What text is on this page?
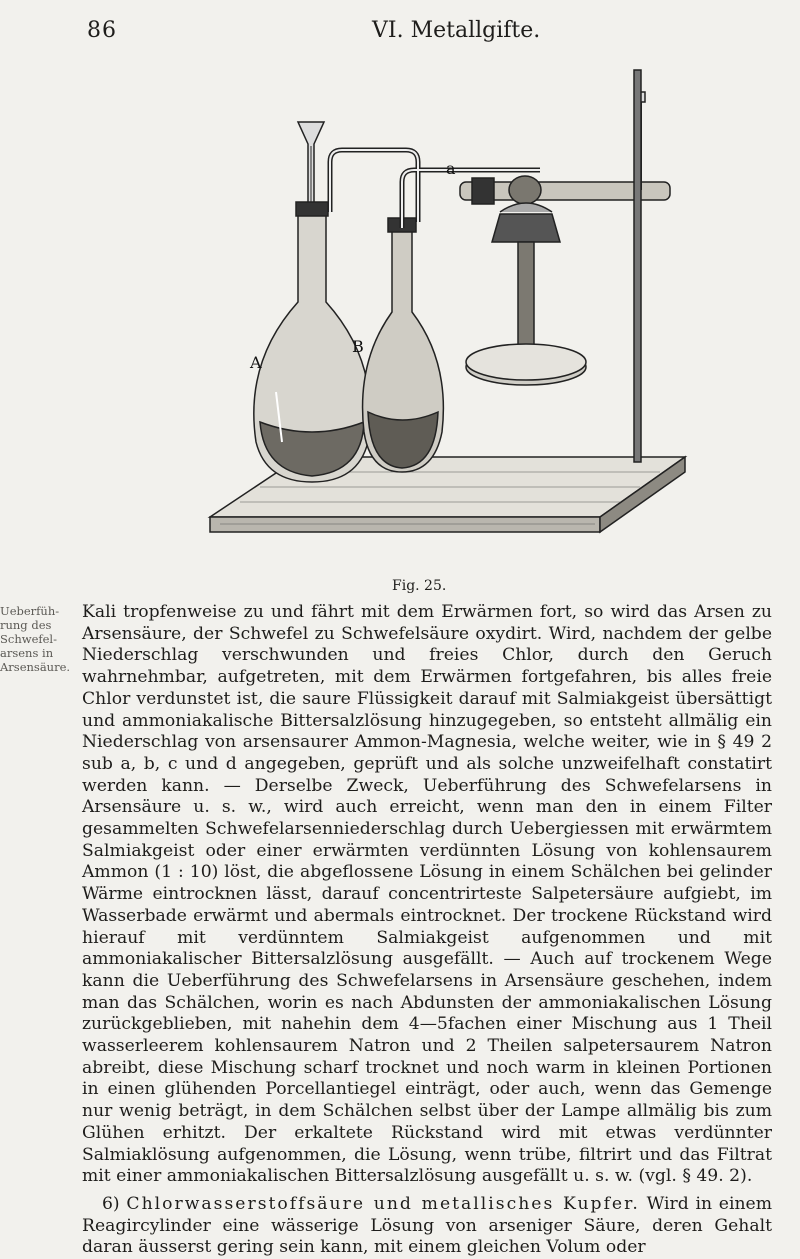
86	VI. Metallgifte.
a
A
B
Fig. 25.
Ueberfüh-
rung des
Schwefel-
arsens in
Arsensäure.

Kali tropfenweise zu und fährt mit dem Erwärmen fort, so wird das Arsen zu Arsensäure, der Schwefel zu Schwefelsäure oxydirt. Wird, nachdem der gelbe Niederschlag verschwunden und freies Chlor, durch den Geruch wahrnehmbar, aufgetreten, mit dem Erwärmen fortgefahren, bis alles freie Chlor verdunstet ist, die saure Flüssigkeit darauf mit Salmiakgeist übersättigt und ammoniakalische Bittersalzlösung hinzugegeben, so entsteht allmälig ein Niederschlag von arsensaurer Ammon-Magnesia, welche weiter, wie in § 49 2 sub a, b, c und d angegeben, geprüft und als solche unzweifelhaft constatirt werden kann. — Derselbe Zweck, Ueberführung des Schwefelarsens in Arsensäure u. s. w., wird auch erreicht, wenn man den in einem Filter gesammelten Schwefelarsenniederschlag durch Uebergiessen mit erwärmtem Salmiakgeist oder einer erwärmten verdünnten Lösung von kohlensaurem Ammon (1 : 10) löst, die abgeflossene Lösung in einem Schälchen bei gelinder Wärme eintrocknen lässt, darauf concentrirteste Salpetersäure aufgiebt, im Wasserbade erwärmt und abermals eintrocknet. Der trockene Rückstand wird hierauf mit verdünntem Salmiakgeist aufgenommen und mit ammoniakalischer Bittersalzlösung ausgefällt. — Auch auf trockenem Wege kann die Ueberführung des Schwefelarsens in Arsensäure geschehen, indem man das Schälchen, worin es nach Abdunsten der ammoniakalischen Lösung zurückgeblieben, mit nahehin dem 4—5fachen einer Mischung aus 1 Theil wasserleerem kohlensaurem Natron und 2 Theilen salpetersaurem Natron abreibt, diese Mischung scharf trocknet und noch warm in kleinen Portionen in einen glühenden Porcellantiegel einträgt, oder auch, wenn das Gemenge nur wenig beträgt, in dem Schälchen selbst über der Lampe allmälig bis zum Glühen erhitzt. Der erkaltete Rückstand wird mit etwas verdünnter Salmiaklösung aufgenommen, die Lösung, wenn trübe, filtrirt und das Filtrat mit einer ammoniakalischen Bittersalzlösung ausgefällt u. s. w. (vgl. § 49. 2).

6) Chlorwasserstoffsäure und metallisches Kupfer. Wird in einem Reagircylinder eine wässerige Lösung von arseniger Säure, deren Gehalt daran äusserst gering sein kann, mit einem gleichen Volum oder
